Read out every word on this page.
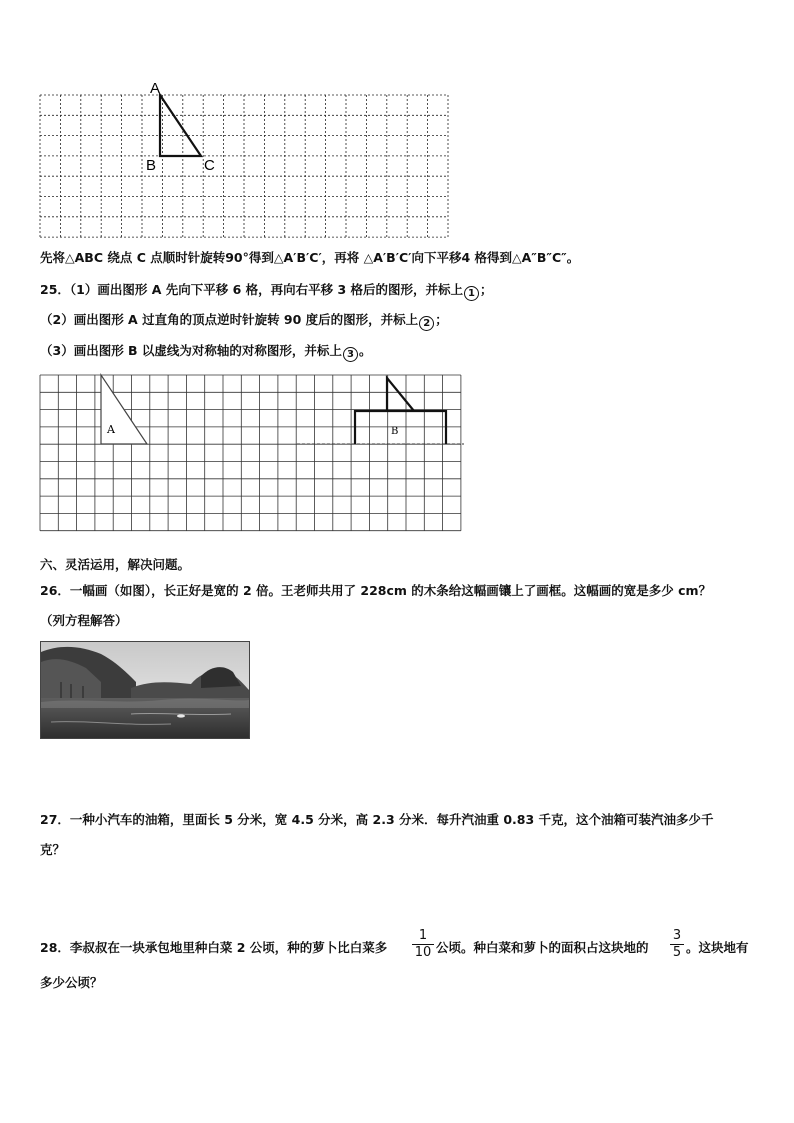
A
B	C
先将△ABC 绕点 C 点顺时针旋转90°得到△A′B′C′，再将 △A′B′C′向下平移4 格得到△A″B″C″。
25．（1）画出图形 A 先向下平移 6 格，再向右平移 3 格后的图形，并标上 1 ；
（2）画出图形 A 过直角的顶点逆时针旋转 90 度后的图形，并标上 2 ；
（3）画出图形 B 以虚线为对称轴的对称图形，并标上 3 。
A	B
六、灵活运用，解决问题。
26．一幅画（如图），长正好是宽的 2 倍。王老师共用了 228cm 的木条给这幅画镶上了画框。这幅画的宽是多少 cm？
（列方程解答）
27．一种小汽车的油箱，里面长 5 分米，宽 4.5 分米，高 2.3 分米．每升汽油重 0.83 千克，这个油箱可装汽油多少千
克？
28．李叔叔在一块承包地里种白菜 2 公顷，种的萝卜比白菜多
1
10 公顷。种白菜和萝卜的面积占这块地的
3
5 。这块地有
多少公顷？
